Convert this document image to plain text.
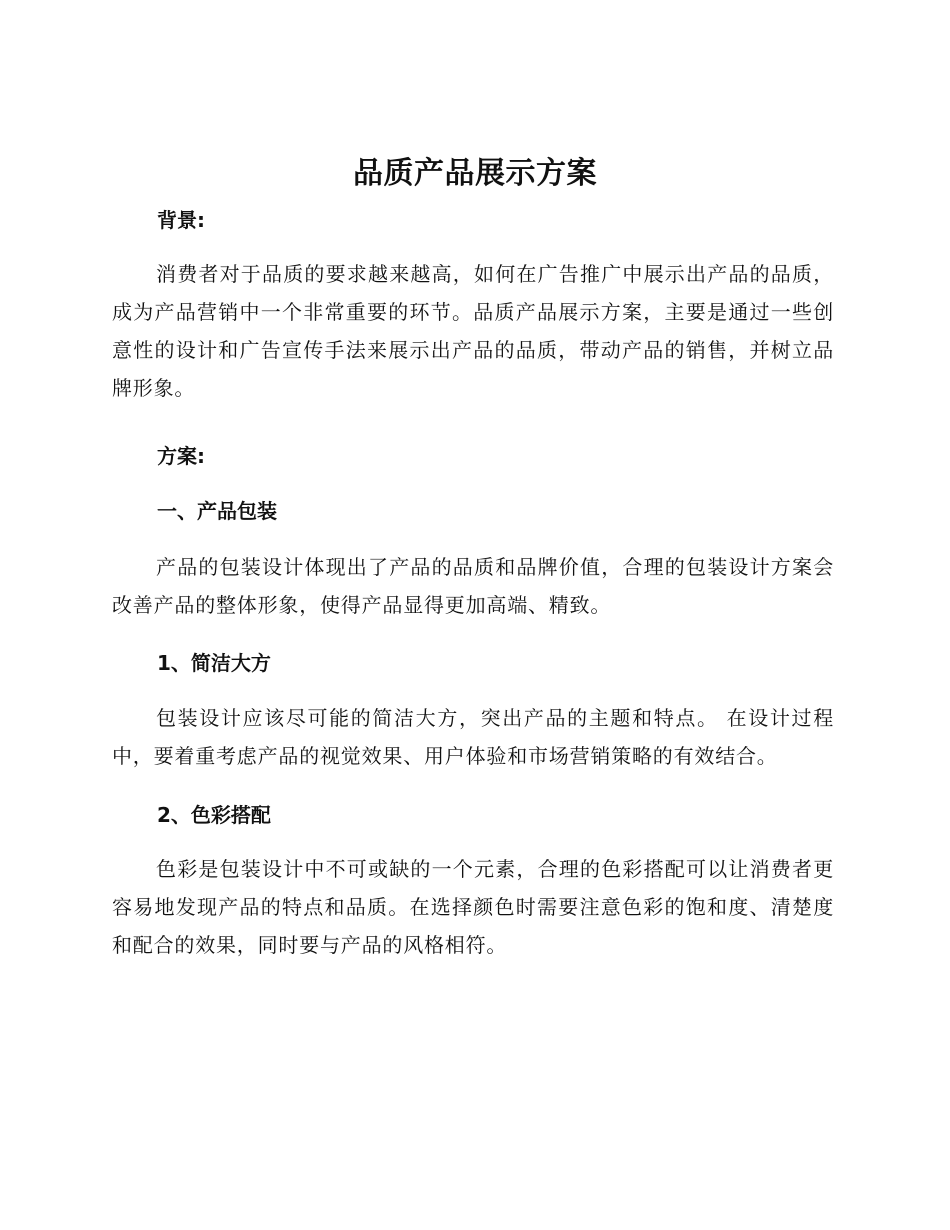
品质产品展示方案
背景:
消费者对于品质的要求越来越高，如何在广告推广中展示出产品的品质，成为产品营销中一个非常重要的环节。品质产品展示方案，主要是通过一些创意性的设计和广告宣传手法来展示出产品的品质，带动产品的销售，并树立品牌形象。
方案:
一、产品包装
产品的包装设计体现出了产品的品质和品牌价值，合理的包装设计方案会改善产品的整体形象，使得产品显得更加高端、精致。
1、简洁大方
包装设计应该尽可能的简洁大方，突出产品的主题和特点。 在设计过程中，要着重考虑产品的视觉效果、用户体验和市场营销策略的有效结合。
2、色彩搭配
色彩是包装设计中不可或缺的一个元素，合理的色彩搭配可以让消费者更容易地发现产品的特点和品质。在选择颜色时需要注意色彩的饱和度、清楚度和配合的效果，同时要与产品的风格相符。
